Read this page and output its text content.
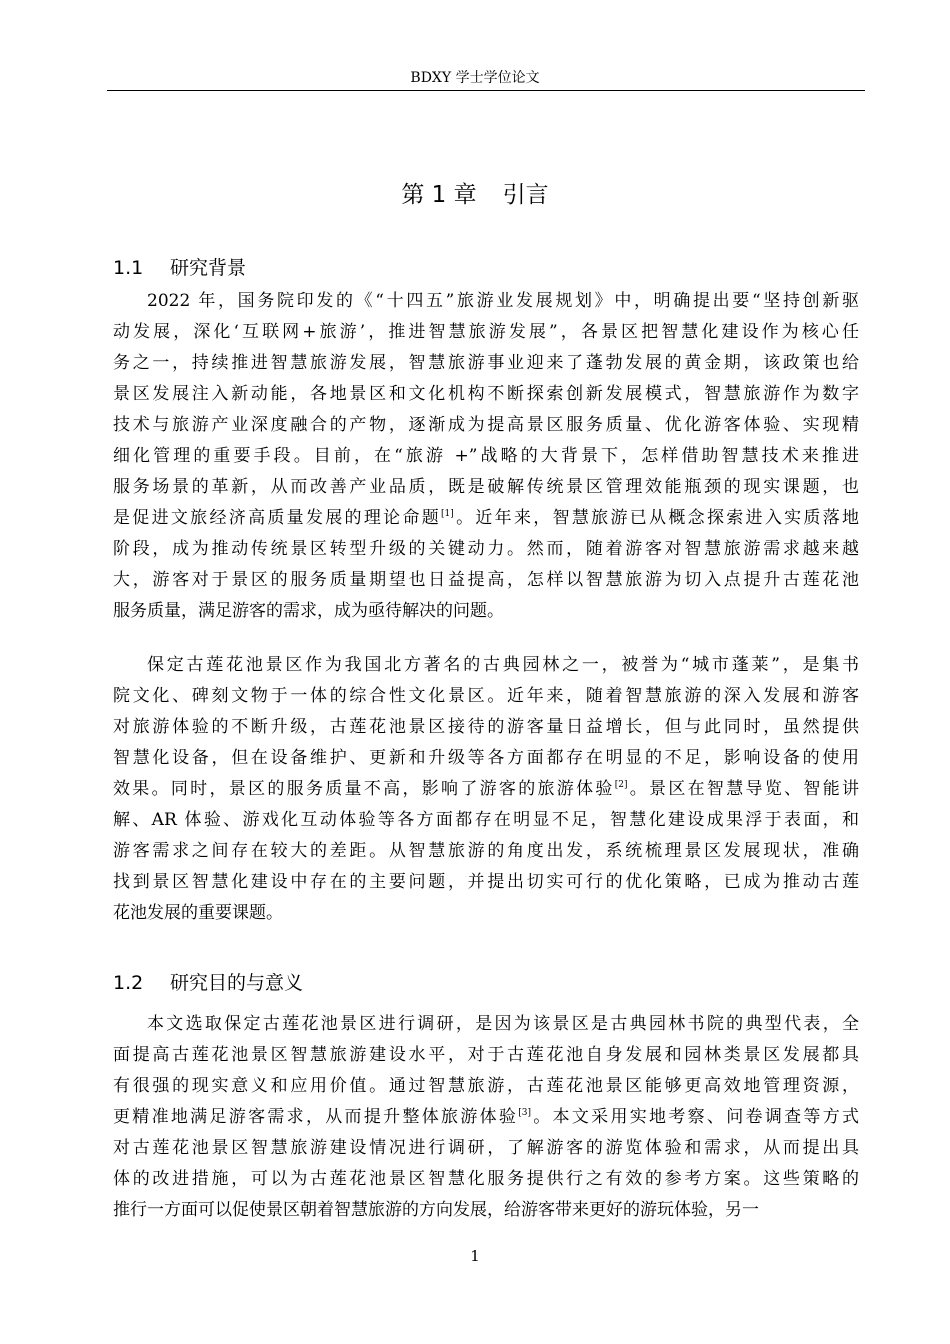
BDXY 学士学位论文
第 1 章 引言
1.1 研究背景
2022 年，国务院印发的《“十四五”旅游业发展规划》中，明确提出要“坚持创新驱
动发展，深化‘互联网+旅游’，推进智慧旅游发展”，各景区把智慧化建设作为核心任
务之一，持续推进智慧旅游发展，智慧旅游事业迎来了蓬勃发展的黄金期，该政策也给
景区发展注入新动能，各地景区和文化机构不断探索创新发展模式，智慧旅游作为数字
技术与旅游产业深度融合的产物，逐渐成为提高景区服务质量、优化游客体验、实现精
细化管理的重要手段。目前，在“旅游 +”战略的大背景下，怎样借助智慧技术来推进
服务场景的革新，从而改善产业品质，既是破解传统景区管理效能瓶颈的现实课题，也
是促进文旅经济高质量发展的理论命题[1]。近年来，智慧旅游已从概念探索进入实质落地
阶段，成为推动传统景区转型升级的关键动力。然而，随着游客对智慧旅游需求越来越
大，游客对于景区的服务质量期望也日益提高，怎样以智慧旅游为切入点提升古莲花池
服务质量，满足游客的需求，成为亟待解决的问题。
保定古莲花池景区作为我国北方著名的古典园林之一，被誉为“城市蓬莱”，是集书
院文化、碑刻文物于一体的综合性文化景区。近年来，随着智慧旅游的深入发展和游客
对旅游体验的不断升级，古莲花池景区接待的游客量日益增长，但与此同时，虽然提供
智慧化设备，但在设备维护、更新和升级等各方面都存在明显的不足，影响设备的使用
效果。同时，景区的服务质量不高，影响了游客的旅游体验[2]。景区在智慧导览、智能讲
解、AR 体验、游戏化互动体验等各方面都存在明显不足，智慧化建设成果浮于表面，和
游客需求之间存在较大的差距。从智慧旅游的角度出发，系统梳理景区发展现状，准确
找到景区智慧化建设中存在的主要问题，并提出切实可行的优化策略，已成为推动古莲
花池发展的重要课题。
1.2 研究目的与意义
本文选取保定古莲花池景区进行调研，是因为该景区是古典园林书院的典型代表，全
面提高古莲花池景区智慧旅游建设水平，对于古莲花池自身发展和园林类景区发展都具
有很强的现实意义和应用价值。通过智慧旅游，古莲花池景区能够更高效地管理资源，
更精准地满足游客需求，从而提升整体旅游体验[3]。本文采用实地考察、问卷调查等方式
对古莲花池景区智慧旅游建设情况进行调研，了解游客的游览体验和需求，从而提出具
体的改进措施，可以为古莲花池景区智慧化服务提供行之有效的参考方案。这些策略的
推行一方面可以促使景区朝着智慧旅游的方向发展，给游客带来更好的游玩体验，另一
1
